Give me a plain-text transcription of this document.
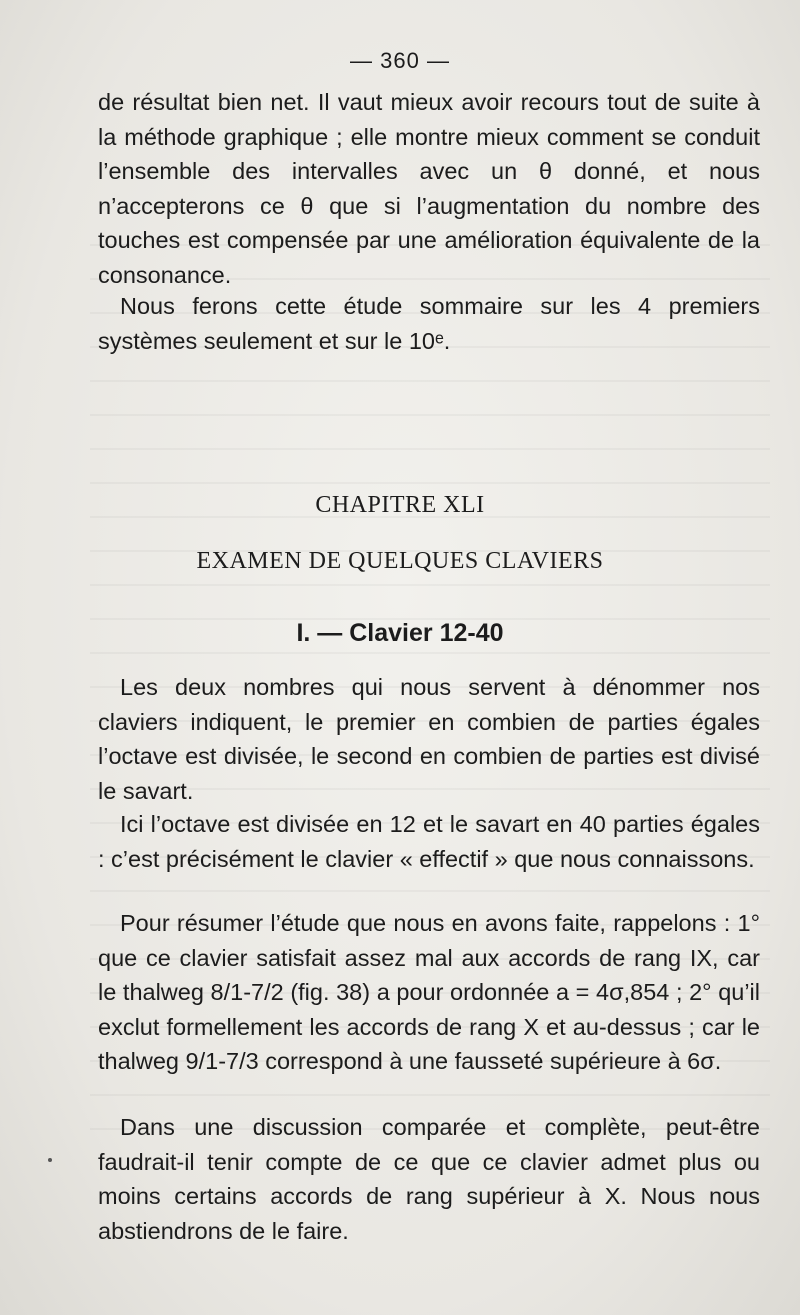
— 360 —

de résultat bien net. Il vaut mieux avoir recours tout de suite à la méthode graphique ; elle montre mieux comment se conduit l’ensemble des intervalles avec un θ donné, et nous n’accepterons ce θ que si l’augmentation du nombre des touches est compensée par une amélioration équivalente de la consonance.

Nous ferons cette étude sommaire sur les 4 premiers systèmes seulement et sur le 10ᵉ.

CHAPITRE XLI
EXAMEN DE QUELQUES CLAVIERS
I. — Clavier 12-40

Les deux nombres qui nous servent à dénommer nos claviers indiquent, le premier en combien de parties égales l’octave est divisée, le second en combien de parties est divisé le savart.

Ici l’octave est divisée en 12 et le savart en 40 parties égales : c’est précisément le clavier « effectif » que nous connaissons.

Pour résumer l’étude que nous en avons faite, rappelons : 1° que ce clavier satisfait assez mal aux accords de rang IX, car le thalweg 8/1-7/2 (fig. 38) a pour ordonnée a = 4σ,854 ; 2° qu’il exclut formellement les accords de rang X et au-dessus ; car le thalweg 9/1-7/3 correspond à une fausseté supérieure à 6σ.

Dans une discussion comparée et complète, peut-être faudrait-il tenir compte de ce que ce clavier admet plus ou moins certains accords de rang supérieur à X. Nous nous abstiendrons de le faire.
